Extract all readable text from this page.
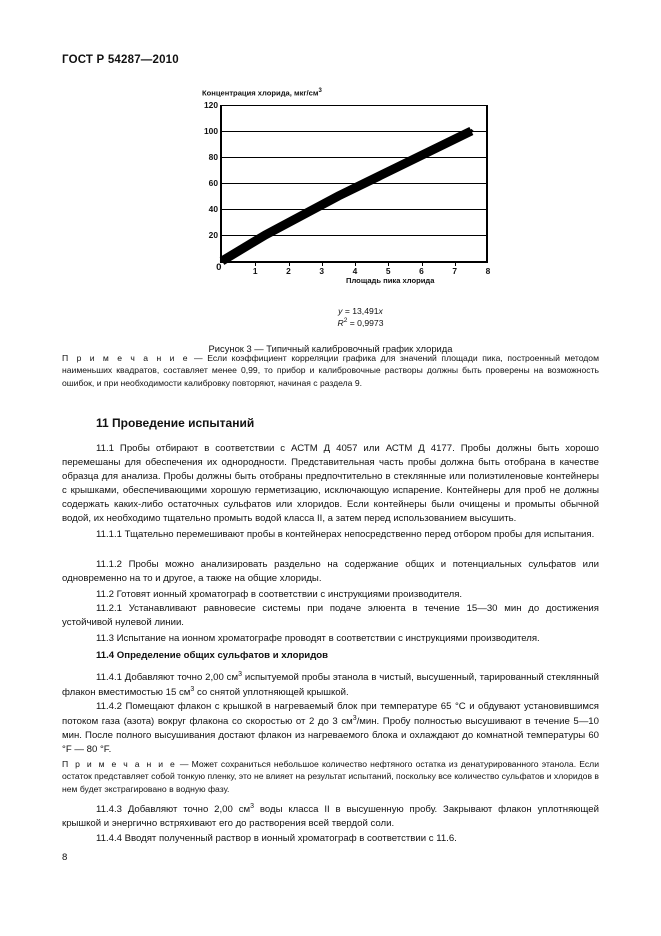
ГОСТ Р 54287—2010
Концентрация хлорида, мкг/$см^3$
120
100
80
60
40
20
0	1	2	3	4	5	6	7	8
Площадь пика хлорида
y = 13,491x
$R^2 = 0,9973$
Рисунок 3 — Типичный калибровочный график хлорида
П р и м е ч а н и е — Если коэффициент корреляции графика для значений площади пика, построенный методом наименьших квадратов, составляет менее 0,99, то прибор и калибровочные растворы должны быть проверены на возможность ошибок, и при необходимости калибровку повторяют, начиная с раздела 9.
11 Проведение испытаний
11.1 Пробы отбирают в соответствии с АСТМ Д 4057 или АСТМ Д 4177. Пробы должны быть хорошо перемешаны для обеспечения их однородности. Представительная часть пробы должна быть отобрана в качестве образца для анализа. Пробы должны быть отобраны предпочтительно в стеклянные или полиэтиленовые контейнеры с крышками, обеспечивающими хорошую герметизацию, исключающую испарение. Контейнеры для проб не должны содержать каких-либо остаточных сульфатов или хлоридов. Если контейнеры были очищены и промыты обычной водой, их необходимо тщательно промыть водой класса II, а затем перед использованием высушить.
11.1.1 Тщательно перемешивают пробы в контейнерах непосредственно перед отбором пробы для испытания.
11.1.2 Пробы можно анализировать раздельно на содержание общих и потенциальных сульфатов или одновременно на то и другое, а также на общие хлориды.
11.2 Готовят ионный хроматограф в соответствии с инструкциями производителя.
11.2.1 Устанавливают равновесие системы при подаче элюента в течение 15—30 мин до достижения устойчивой нулевой линии.
11.3 Испытание на ионном хроматографе проводят в соответствии с инструкциями производителя.
11.4 Определение общих сульфатов и хлоридов
11.4.1 Добавляют точно 2,00 $см^3$ испытуемой пробы этанола в чистый, высушенный, тарированный стеклянный флакон вместимостью 15 $см^3$ со снятой уплотняющей крышкой.
11.4.2 Помещают флакон с крышкой в нагреваемый блок при температуре 65 °С и обдувают установившимся потоком газа (азота) вокруг флакона со скоростью от 2 до 3 $см^3$/мин. Пробу полностью высушивают в течение 5—10 мин. После полного высушивания достают флакон из нагреваемого блока и охлаждают до комнатной температуры 60 °F — 80 °F.
П р и м е ч а н и е — Может сохраниться небольшое количество нефтяного остатка из денатурированного этанола. Если остаток представляет собой тонкую пленку, это не влияет на результат испытаний, поскольку все количество сульфатов и хлоридов в нем будет экстрагировано в водную фазу.
11.4.3 Добавляют точно 2,00 $см^3$ воды класса II в высушенную пробу. Закрывают флакон уплотняющей крышкой и энергично встряхивают его до растворения всей твердой соли.
11.4.4 Вводят полученный раствор в ионный хроматограф в соответствии с 11.6.
8
